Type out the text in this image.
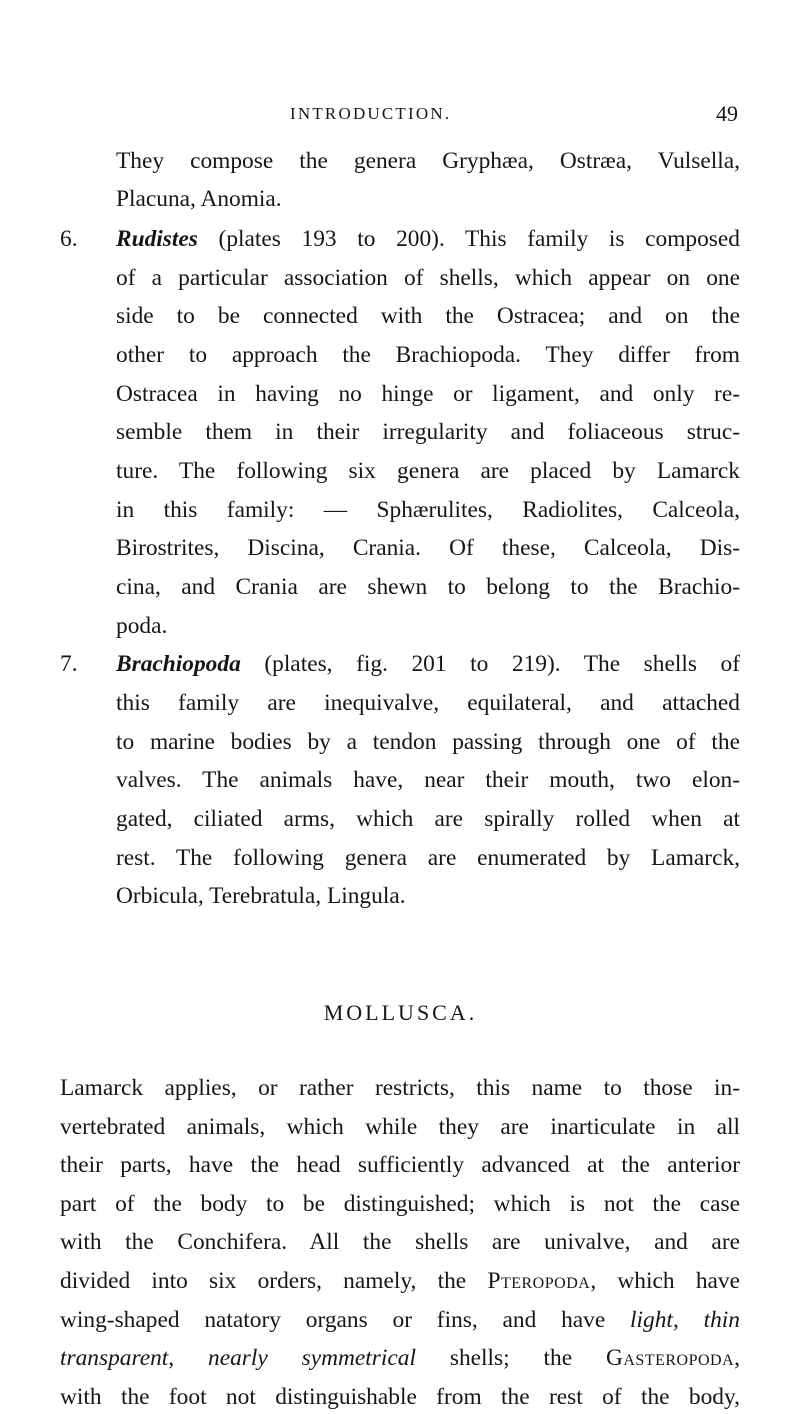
INTRODUCTION.	49
They compose the genera Gryphæa, Ostræa, Vulsella,
Placuna, Anomia.
6. Rudistes (plates 193 to 200). This family is composed
of a particular association of shells, which appear on one
side to be connected with the Ostracea; and on the
other to approach the Brachiopoda. They differ from
Ostracea in having no hinge or ligament, and only re-
semble them in their irregularity and foliaceous struc-
ture. The following six genera are placed by Lamarck
in this family: — Sphærulites, Radiolites, Calceola,
Birostrites, Discina, Crania. Of these, Calceola, Dis-
cina, and Crania are shewn to belong to the Brachio-
poda.
7. Brachiopoda (plates, fig. 201 to 219). The shells of
this family are inequivalve, equilateral, and attached
to marine bodies by a tendon passing through one of the
valves. The animals have, near their mouth, two elon-
gated, ciliated arms, which are spirally rolled when at
rest. The following genera are enumerated by Lamarck,
Orbicula, Terebratula, Lingula.
MOLLUSCA.
Lamarck applies, or rather restricts, this name to those in-
vertebrated animals, which while they are inarticulate in all
their parts, have the head sufficiently advanced at the anterior
part of the body to be distinguished; which is not the case
with the Conchifera. All the shells are univalve, and are
divided into six orders, namely, the Pteropoda, which have
wing-shaped natatory organs or fins, and have light, thin
transparent, nearly symmetrical shells; the Gasteropoda,
with the foot not distinguishable from the rest of the body,
